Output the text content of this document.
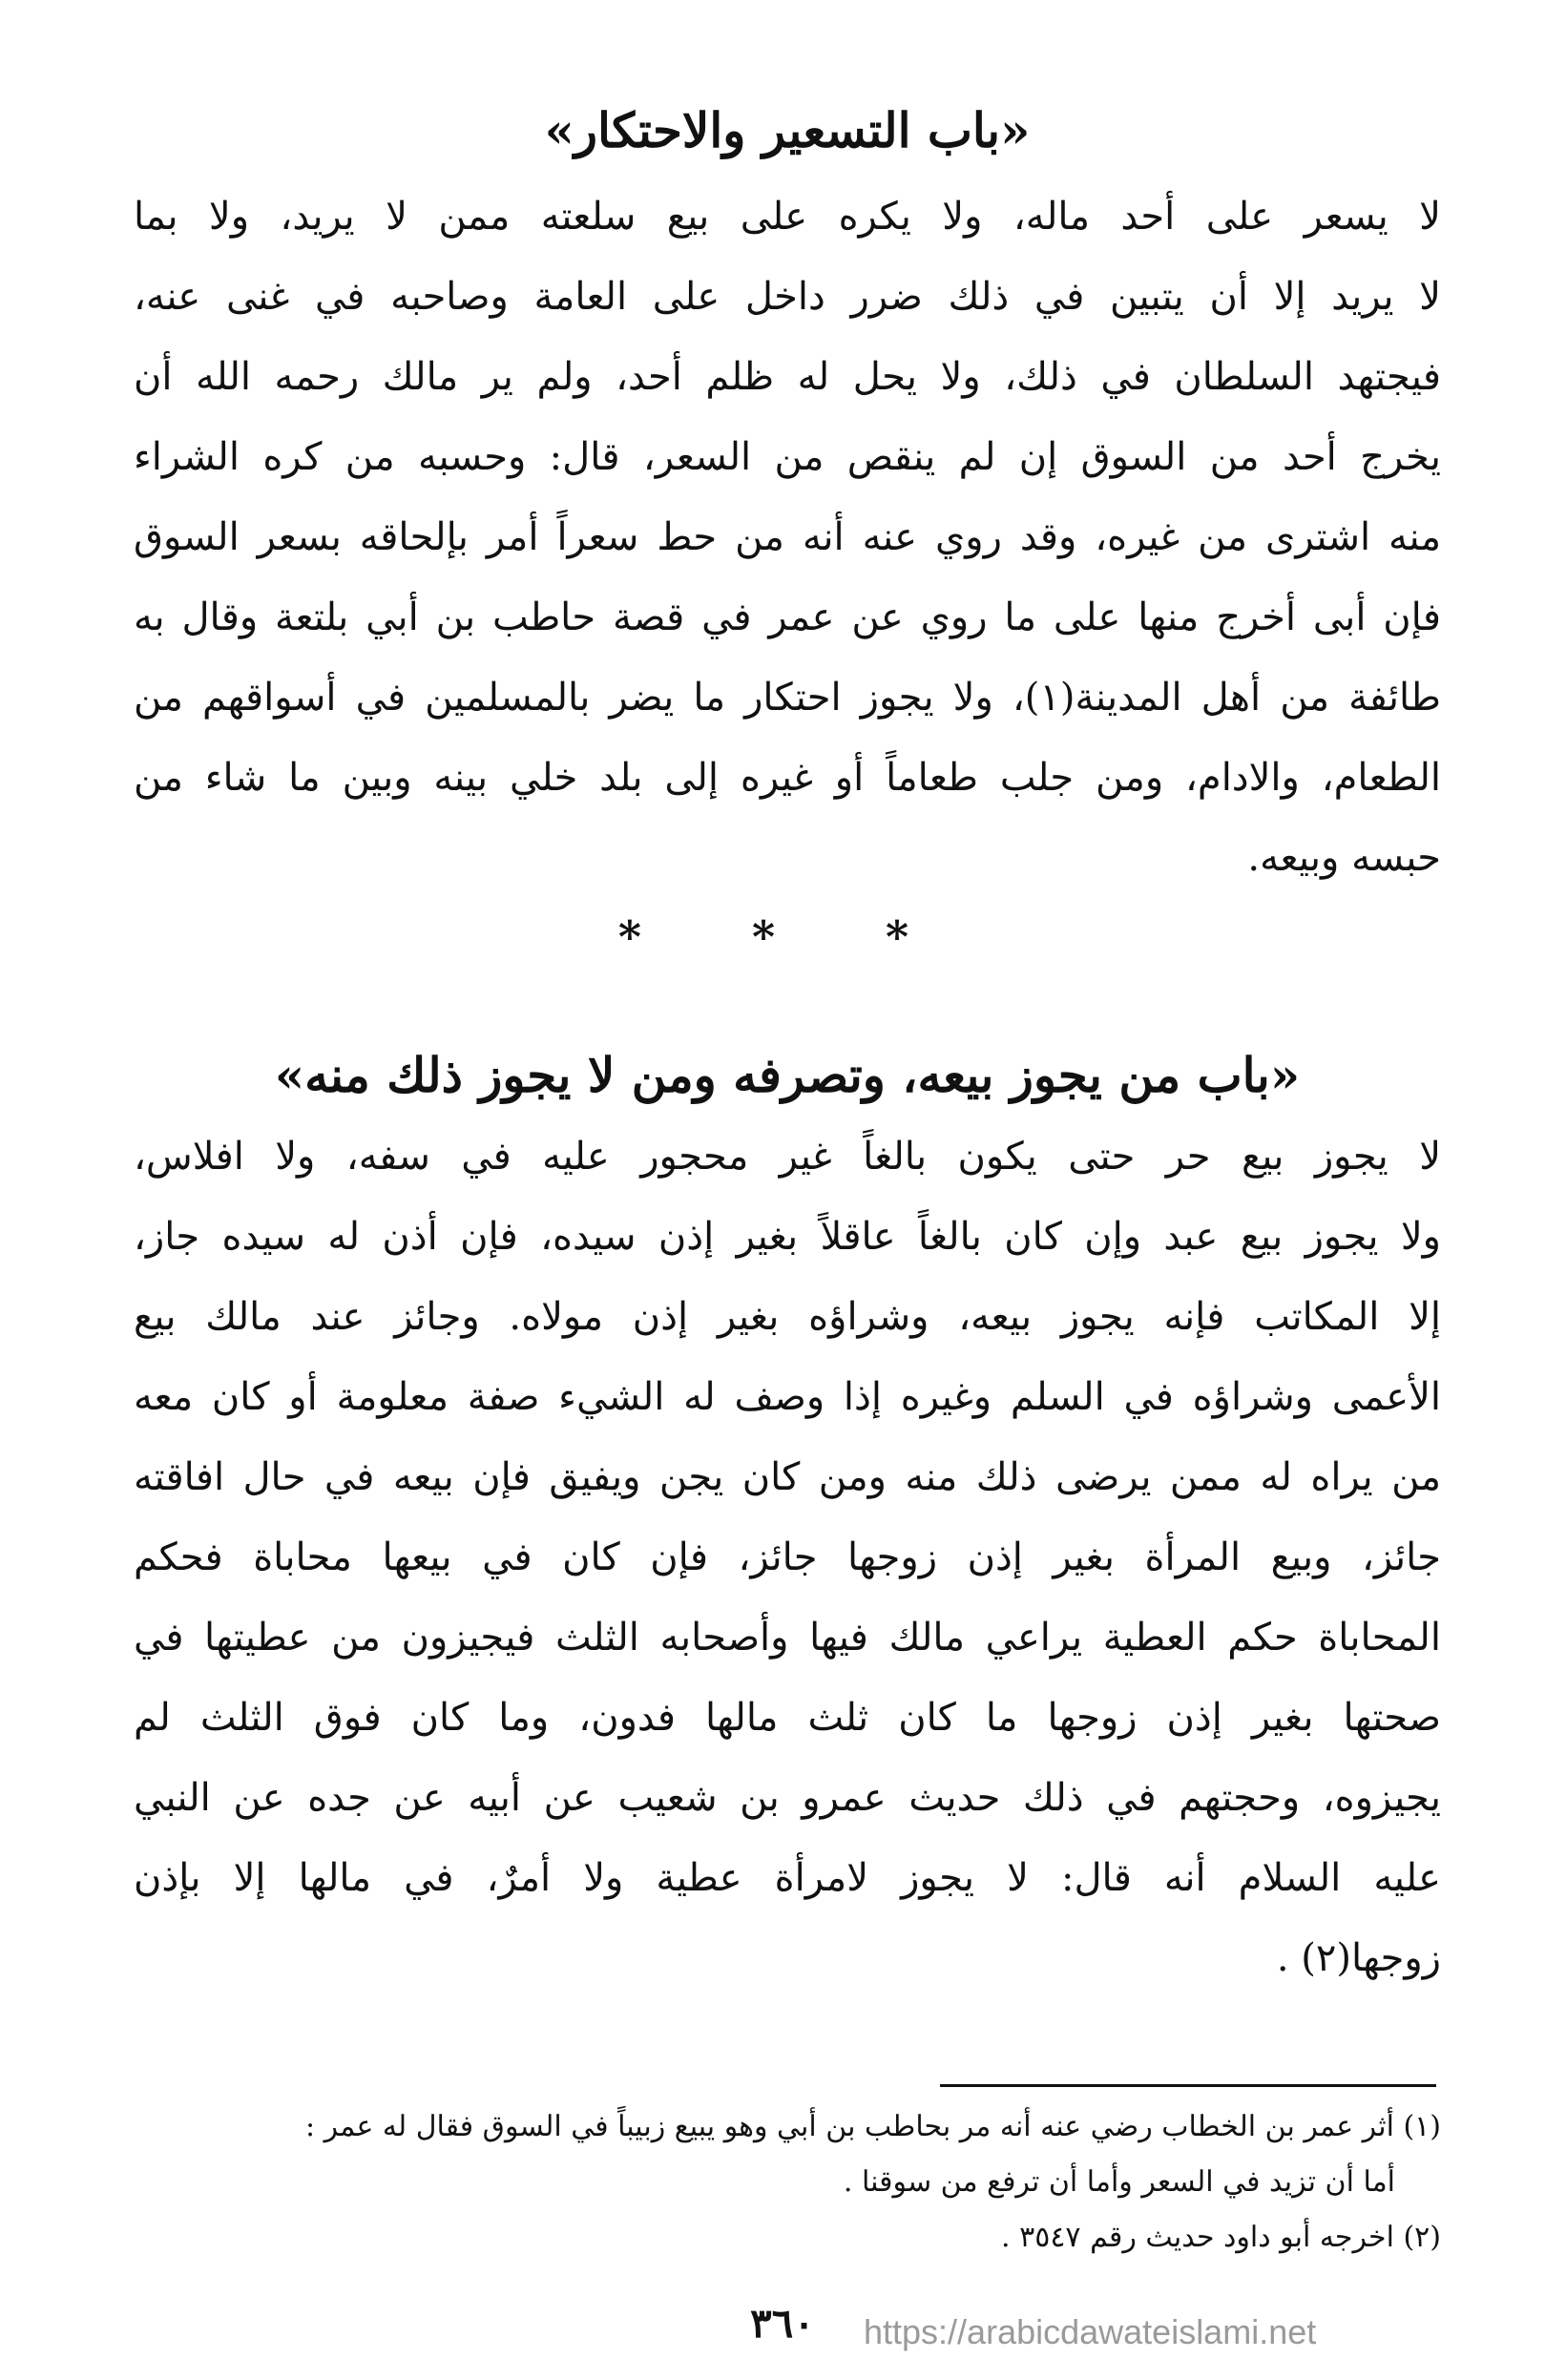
«باب التسعير والاحتكار»
لا يسعر على أحد ماله، ولا يكره على بيع سلعته ممن لا يريد، ولا بما
لا يريد إلا أن يتبين في ذلك ضرر داخل على العامة وصاحبه في غنى عنه،
فيجتهد السلطان في ذلك، ولا يحل له ظلم أحد، ولم ير مالك رحمه الله أن
يخرج أحد من السوق إن لم ينقص من السعر، قال: وحسبه من كره الشراء
منه اشترى من غيره، وقد روي عنه أنه من حط سعراً أمر بإلحاقه بسعر السوق
فإن أبى أخرج منها على ما روي عن عمر في قصة حاطب بن أبي بلتعة وقال به
طائفة من أهل المدينة(١)، ولا يجوز احتكار ما يضر بالمسلمين في أسواقهم من
الطعام، والادام، ومن جلب طعاماً أو غيره إلى بلد خلي بينه وبين ما شاء من
حبسه وبيعه.
* * *
«باب من يجوز بيعه، وتصرفه ومن لا يجوز ذلك منه»
لا يجوز بيع حر حتى يكون بالغاً غير محجور عليه في سفه، ولا افلاس،
ولا يجوز بيع عبد وإن كان بالغاً عاقلاً بغير إذن سيده، فإن أذن له سيده جاز،
إلا المكاتب فإنه يجوز بيعه، وشراؤه بغير إذن مولاه. وجائز عند مالك بيع
الأعمى وشراؤه في السلم وغيره إذا وصف له الشيء صفة معلومة أو كان معه
من يراه له ممن يرضى ذلك منه ومن كان يجن ويفيق فإن بيعه في حال افاقته
جائز، وبيع المرأة بغير إذن زوجها جائز، فإن كان في بيعها محاباة فحكم
المحاباة حكم العطية يراعي مالك فيها وأصحابه الثلث فيجيزون من عطيتها في
صحتها بغير إذن زوجها ما كان ثلث مالها فدون، وما كان فوق الثلث لم
يجيزوه، وحجتهم في ذلك حديث عمرو بن شعيب عن أبيه عن جده عن النبي
عليه السلام أنه قال: لا يجوز لامرأة عطية ولا أمرٌ، في مالها إلا بإذن
زوجها(٢) .
(١) أثر عمر بن الخطاب رضي عنه أنه مر بحاطب بن أبي وهو يبيع زبيباً في السوق فقال له عمر :
أما أن تزيد في السعر وأما أن ترفع من سوقنا .
(٢) اخرجه أبو داود حديث رقم ٣٥٤٧ .
٣٦٠	https://arabicdawateislami.net
